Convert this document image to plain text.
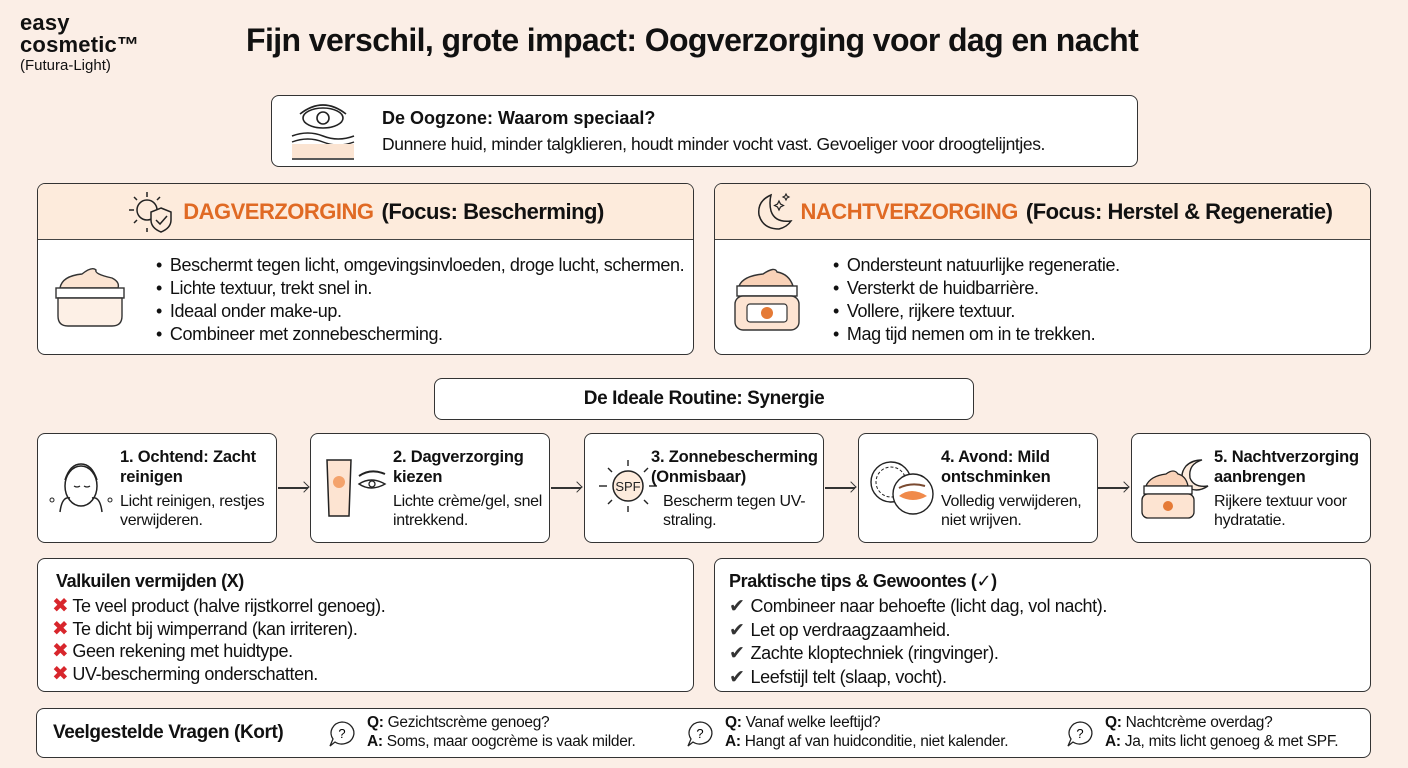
easy
cosmetic™
(Futura-Light)
Fijn verschil, grote impact: Oogverzorging voor dag en nacht
De Oogzone: Waarom speciaal?
Dunnere huid, minder talgklieren, houdt minder vocht vast. Gevoeliger voor droogtelijntjes.
DAGVERZORGING (Focus: Bescherming)
• Beschermt tegen licht, omgevingsinvloeden, droge lucht, schermen.
• Lichte textuur, trekt snel in.
• Ideaal onder make-up.
• Combineer met zonnebescherming.
NACHTVERZORGING (Focus: Herstel & Regeneratie)
• Ondersteunt natuurlijke regeneratie.
• Versterkt de huidbarrière.
• Vollere, rijkere textuur.
• Mag tijd nemen om in te trekken.
De Ideale Routine: Synergie
1. Ochtend: Zacht reinigen
Licht reinigen, restjes verwijderen.
2. Dagverzorging kiezen
Lichte crème/gel, snel intrekkend.
SPF
3. Zonnebescherming (Onmisbaar)
Bescherm tegen UV-straling.
4. Avond: Mild ontschminken
Volledig verwijderen, niet wrijven.
5. Nachtverzorging aanbrengen
Rijkere textuur voor hydratatie.
Valkuilen vermijden (X)
✖ Te veel product (halve rijstkorrel genoeg).
✖ Te dicht bij wimperrand (kan irriteren).
✖ Geen rekening met huidtype.
✖ UV-bescherming onderschatten.
Praktische tips & Gewoontes (✓)
✔ Combineer naar behoefte (licht dag, vol nacht).
✔ Let op verdraagzaamheid.
✔ Zachte kloptechniek (ringvinger).
✔ Leefstijl telt (slaap, vocht).
Veelgestelde Vragen (Kort)	?
Q: Gezichtscrème genoeg?
A: Soms, maar oogcrème is vaak milder.	?
Q: Vanaf welke leeftijd?
A: Hangt af van huidconditie, niet kalender.	?
Q: Nachtcrème overdag?
A: Ja, mits licht genoeg & met SPF.
